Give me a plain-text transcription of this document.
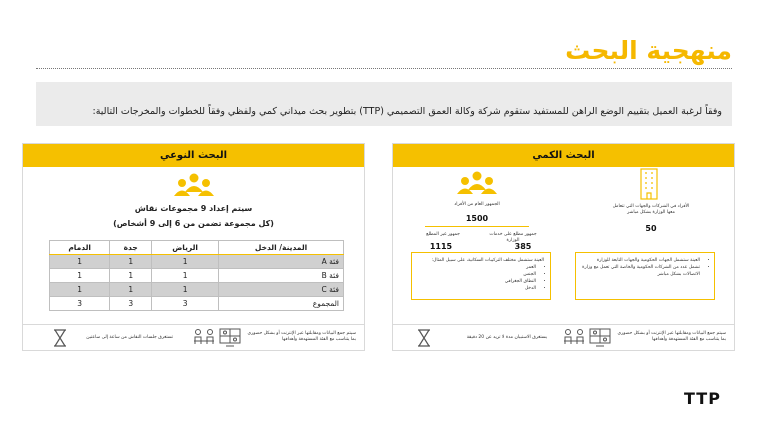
منهجية البحث
وفقاً لرغبة العميل بتقييم الوضع الراهن للمستفيد ستقوم شركة وكالة العمق التصميمي (TTP) بتطوير بحث ميداني كمي ولفظي وفقاً للخطوات والمخرجات التالية:
البحث النوعي
سيتم إعداد 9 مجموعات نقاش
(كل مجموعة تضمن من 6 إلى 9 أشخاص)
المدينة/ الدخل	الرياض	جدة	الدمام
فئة A	1	1	1
فئة B	1	1	1
فئة C	1	1	1
المجموع	3	3	3
تستغرق جلسات النقاش من ساعة إلى ساعتين
سيتم جمع البيانات ومقابلتها عبر الإنترنت أو بشكل حضوري بما يتناسب مع الفئة المستهدفة وأهدافها
البحث الكمي
الجمهور العام من الأفراد
1500
جمهور غير المطلع	جمهور مطلع على خدمات الوزارة
1115	385
الأفراد في الشركات والجهات التي تتعامل معها الوزارة بشكل مباشر
50
العينة ستشمل مختلف التركيبات السكانية، على سبيل المثال:
• العمر
• الجنس
• النطاق الجغرافي
• الدخل
• العينة ستشمل الجهات الحكومية والجهات التابعة للوزارة
• تشمل عدد من الشركات الحكومية والخاصة التي تعمل مع وزارة الاتصالات بشكل مباشر
يستغرق الاستبيان مدة لا تزيد عن 20 دقيقة
سيتم جمع البيانات ومقابلتها عبر الإنترنت أو بشكل حضوري بما يتناسب مع الفئة المستهدفة وأهدافها
TTP
